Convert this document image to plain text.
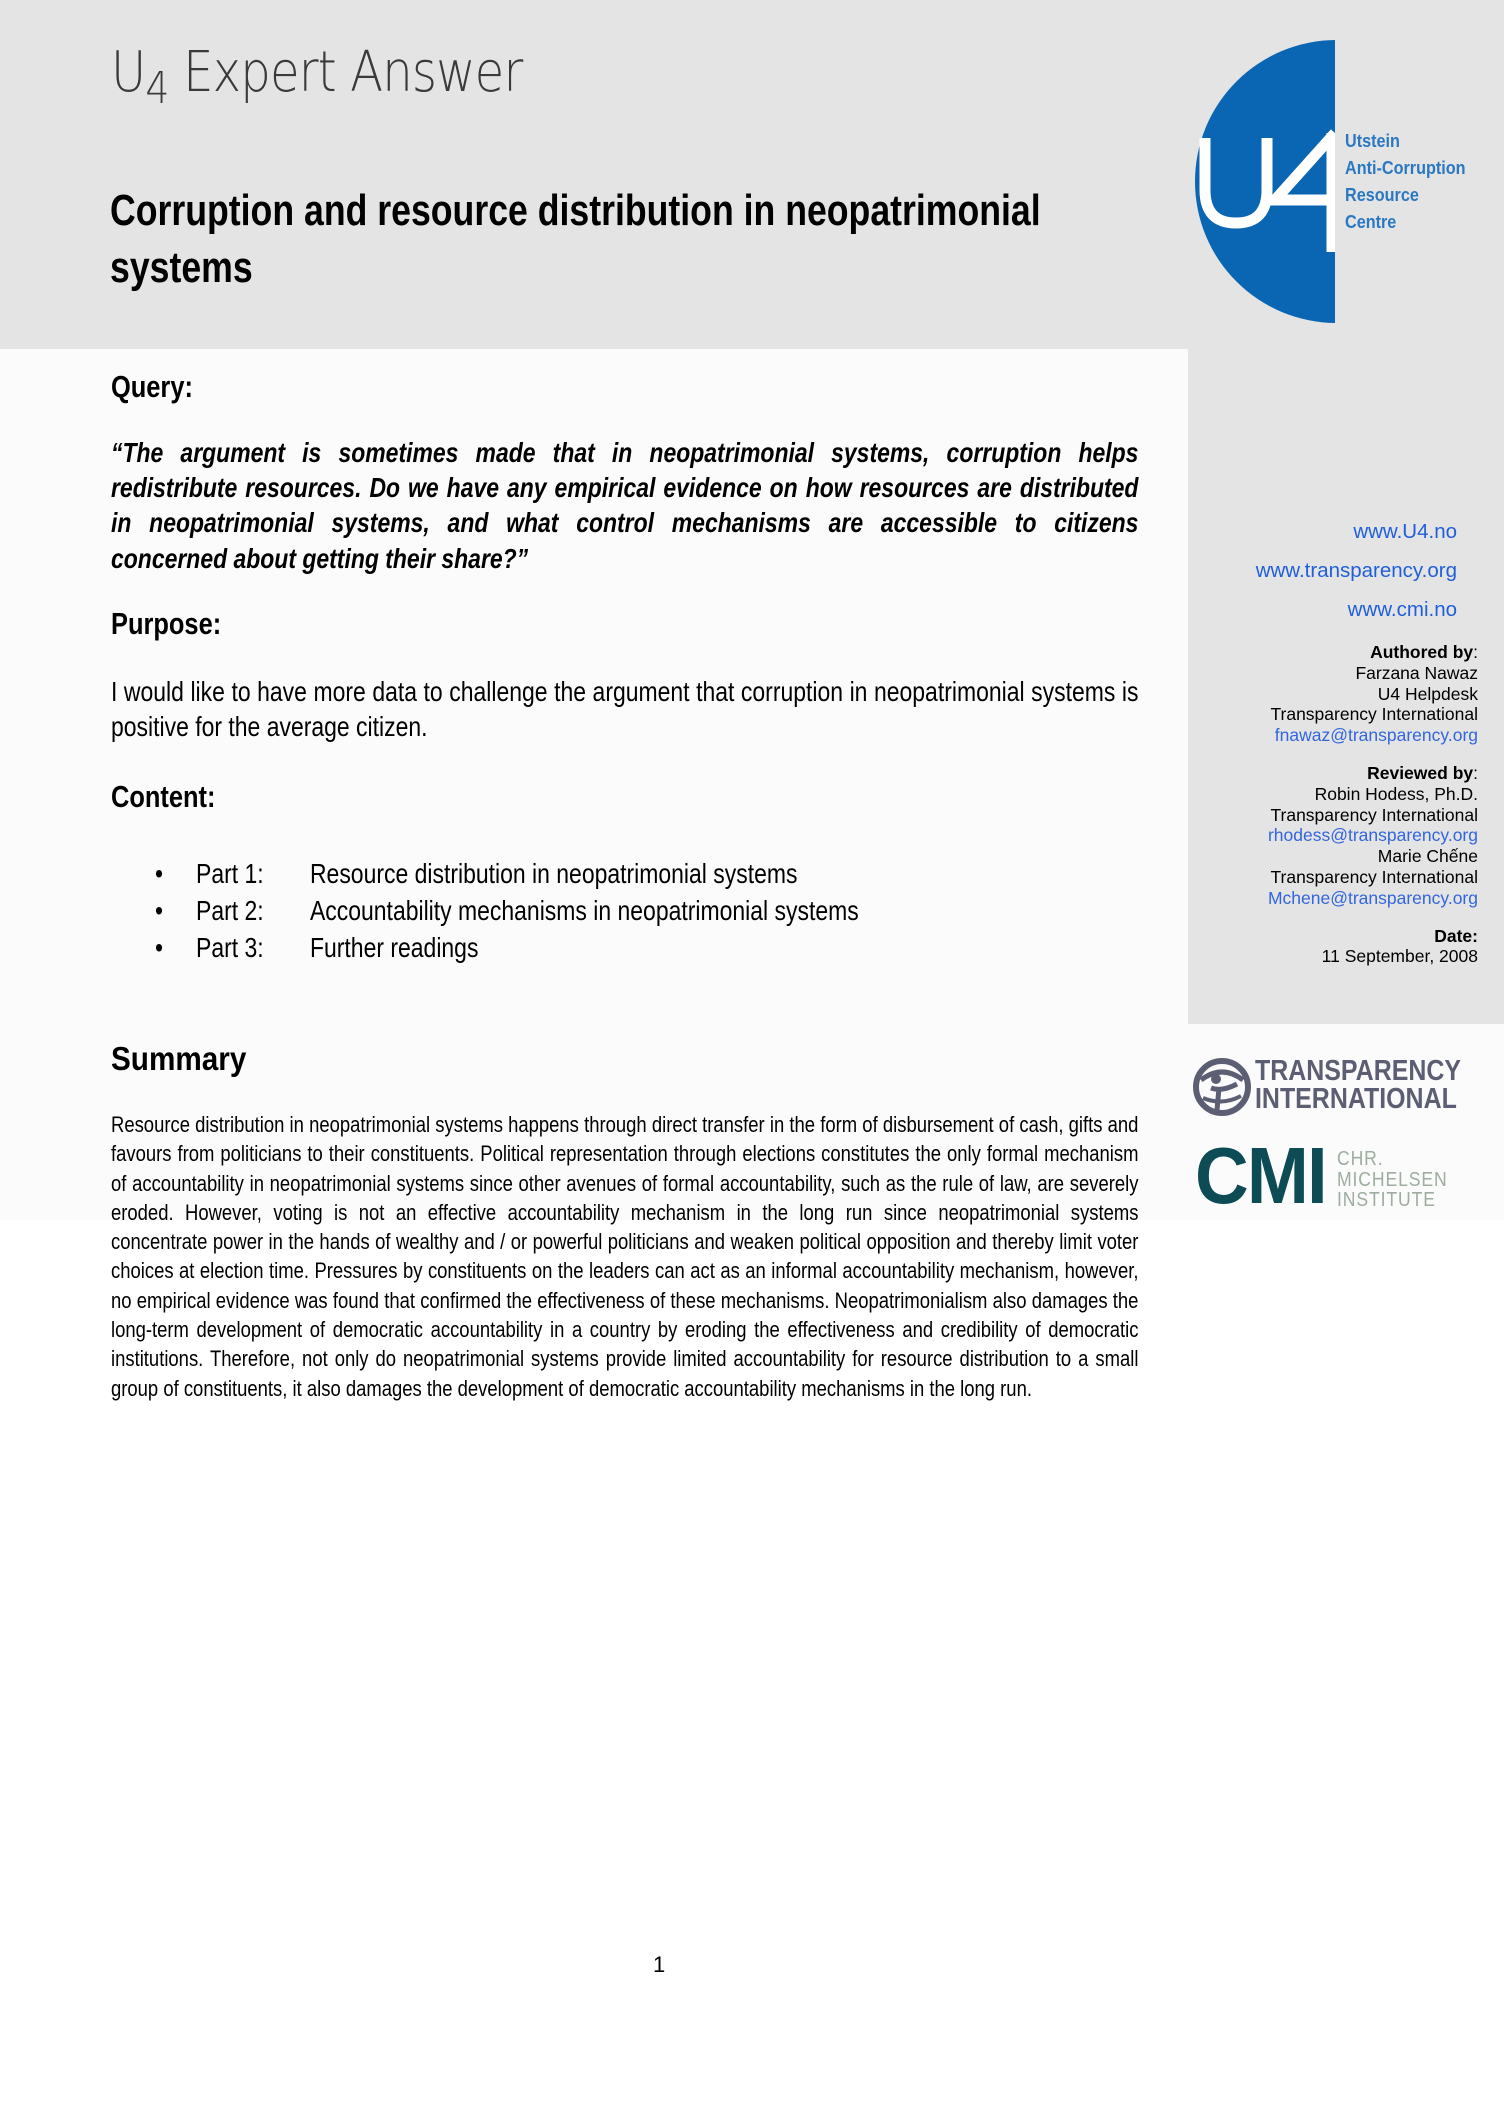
$U_4$ Expert Answer
Corruption and resource distribution in neopatrimonial systems
Utstein
Anti-Corruption
Resource
Centre
Query:
“The argument is sometimes made that in neopatrimonial systems, corruption helps redistribute resources. Do we have any empirical evidence on how resources are distributed in neopatrimonial systems, and what control mechanisms are accessible to citizens concerned about getting their share?”
Purpose:
I would like to have more data to challenge the argument that corruption in neopatrimonial systems is positive for the average citizen.
Content:
• Part 1: Resource distribution in neopatrimonial systems
• Part 2: Accountability mechanisms in neopatrimonial systems
• Part 3: Further readings
Summary
Resource distribution in neopatrimonial systems happens through direct transfer in the form of disbursement of cash, gifts and favours from politicians to their constituents. Political representation through elections constitutes the only formal mechanism of accountability in neopatrimonial systems since other avenues of formal accountability, such as the rule of law, are severely eroded. However, voting is not an effective accountability mechanism in the long run since neopatrimonial systems concentrate power in the hands of wealthy and / or powerful politicians and weaken political opposition and thereby limit voter choices at election time. Pressures by constituents on the leaders can act as an informal accountability mechanism, however, no empirical evidence was found that confirmed the effectiveness of these mechanisms. Neopatrimonialism also damages the long-term development of democratic accountability in a country by eroding the effectiveness and credibility of democratic institutions. Therefore, not only do neopatrimonial systems provide limited accountability for resource distribution to a small group of constituents, it also damages the development of democratic accountability mechanisms in the long run.
www.U4.no
www.transparency.org
www.cmi.no
Authored by:
Farzana Nawaz
U4 Helpdesk
Transparency International
fnawaz@transparency.org
Reviewed by:
Robin Hodess, Ph.D.
Transparency International
rhodess@transparency.org
Marie Chếne
Transparency International
Mchene@transparency.org
Date:
11 September, 2008
TRANSPARENCY
INTERNATIONAL
CMI CHR.
MICHELSEN
INSTITUTE
1
